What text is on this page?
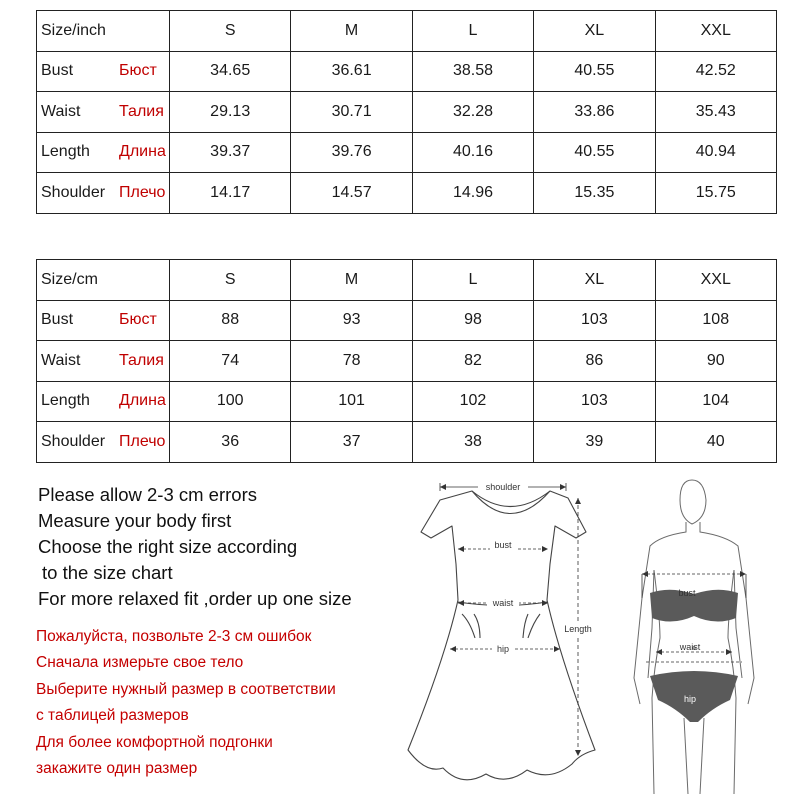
Size/inch	S	M	L	XL	XXL
Bust Бюст	34.65	36.61	38.58	40.55	42.52
Waist Талия	29.13	30.71	32.28	33.86	35.43
Length Длина	39.37	39.76	40.16	40.55	40.94
Shoulder Плечо	14.17	14.57	14.96	15.35	15.75
Size/cm	S	M	L	XL	XXL
Bust Бюст	88	93	98	103	108
Waist Талия	74	78	82	86	90
Length Длина	100	101	102	103	104
Shoulder Плечо	36	37	38	39	40
Please allow 2-3 cm errors
Measure your body first
Choose the right size according
to the size chart
For more relaxed fit ,order up one size
Пожалуйста, позвольте 2-3 см ошибок
Сначала измерьте свое тело
Выберите нужный размер в соответствии
с таблицей размеров
Для более комфортной подгонки
закажите один размер
shoulder
bust
waist
hip
Length
bust
waist
hip
